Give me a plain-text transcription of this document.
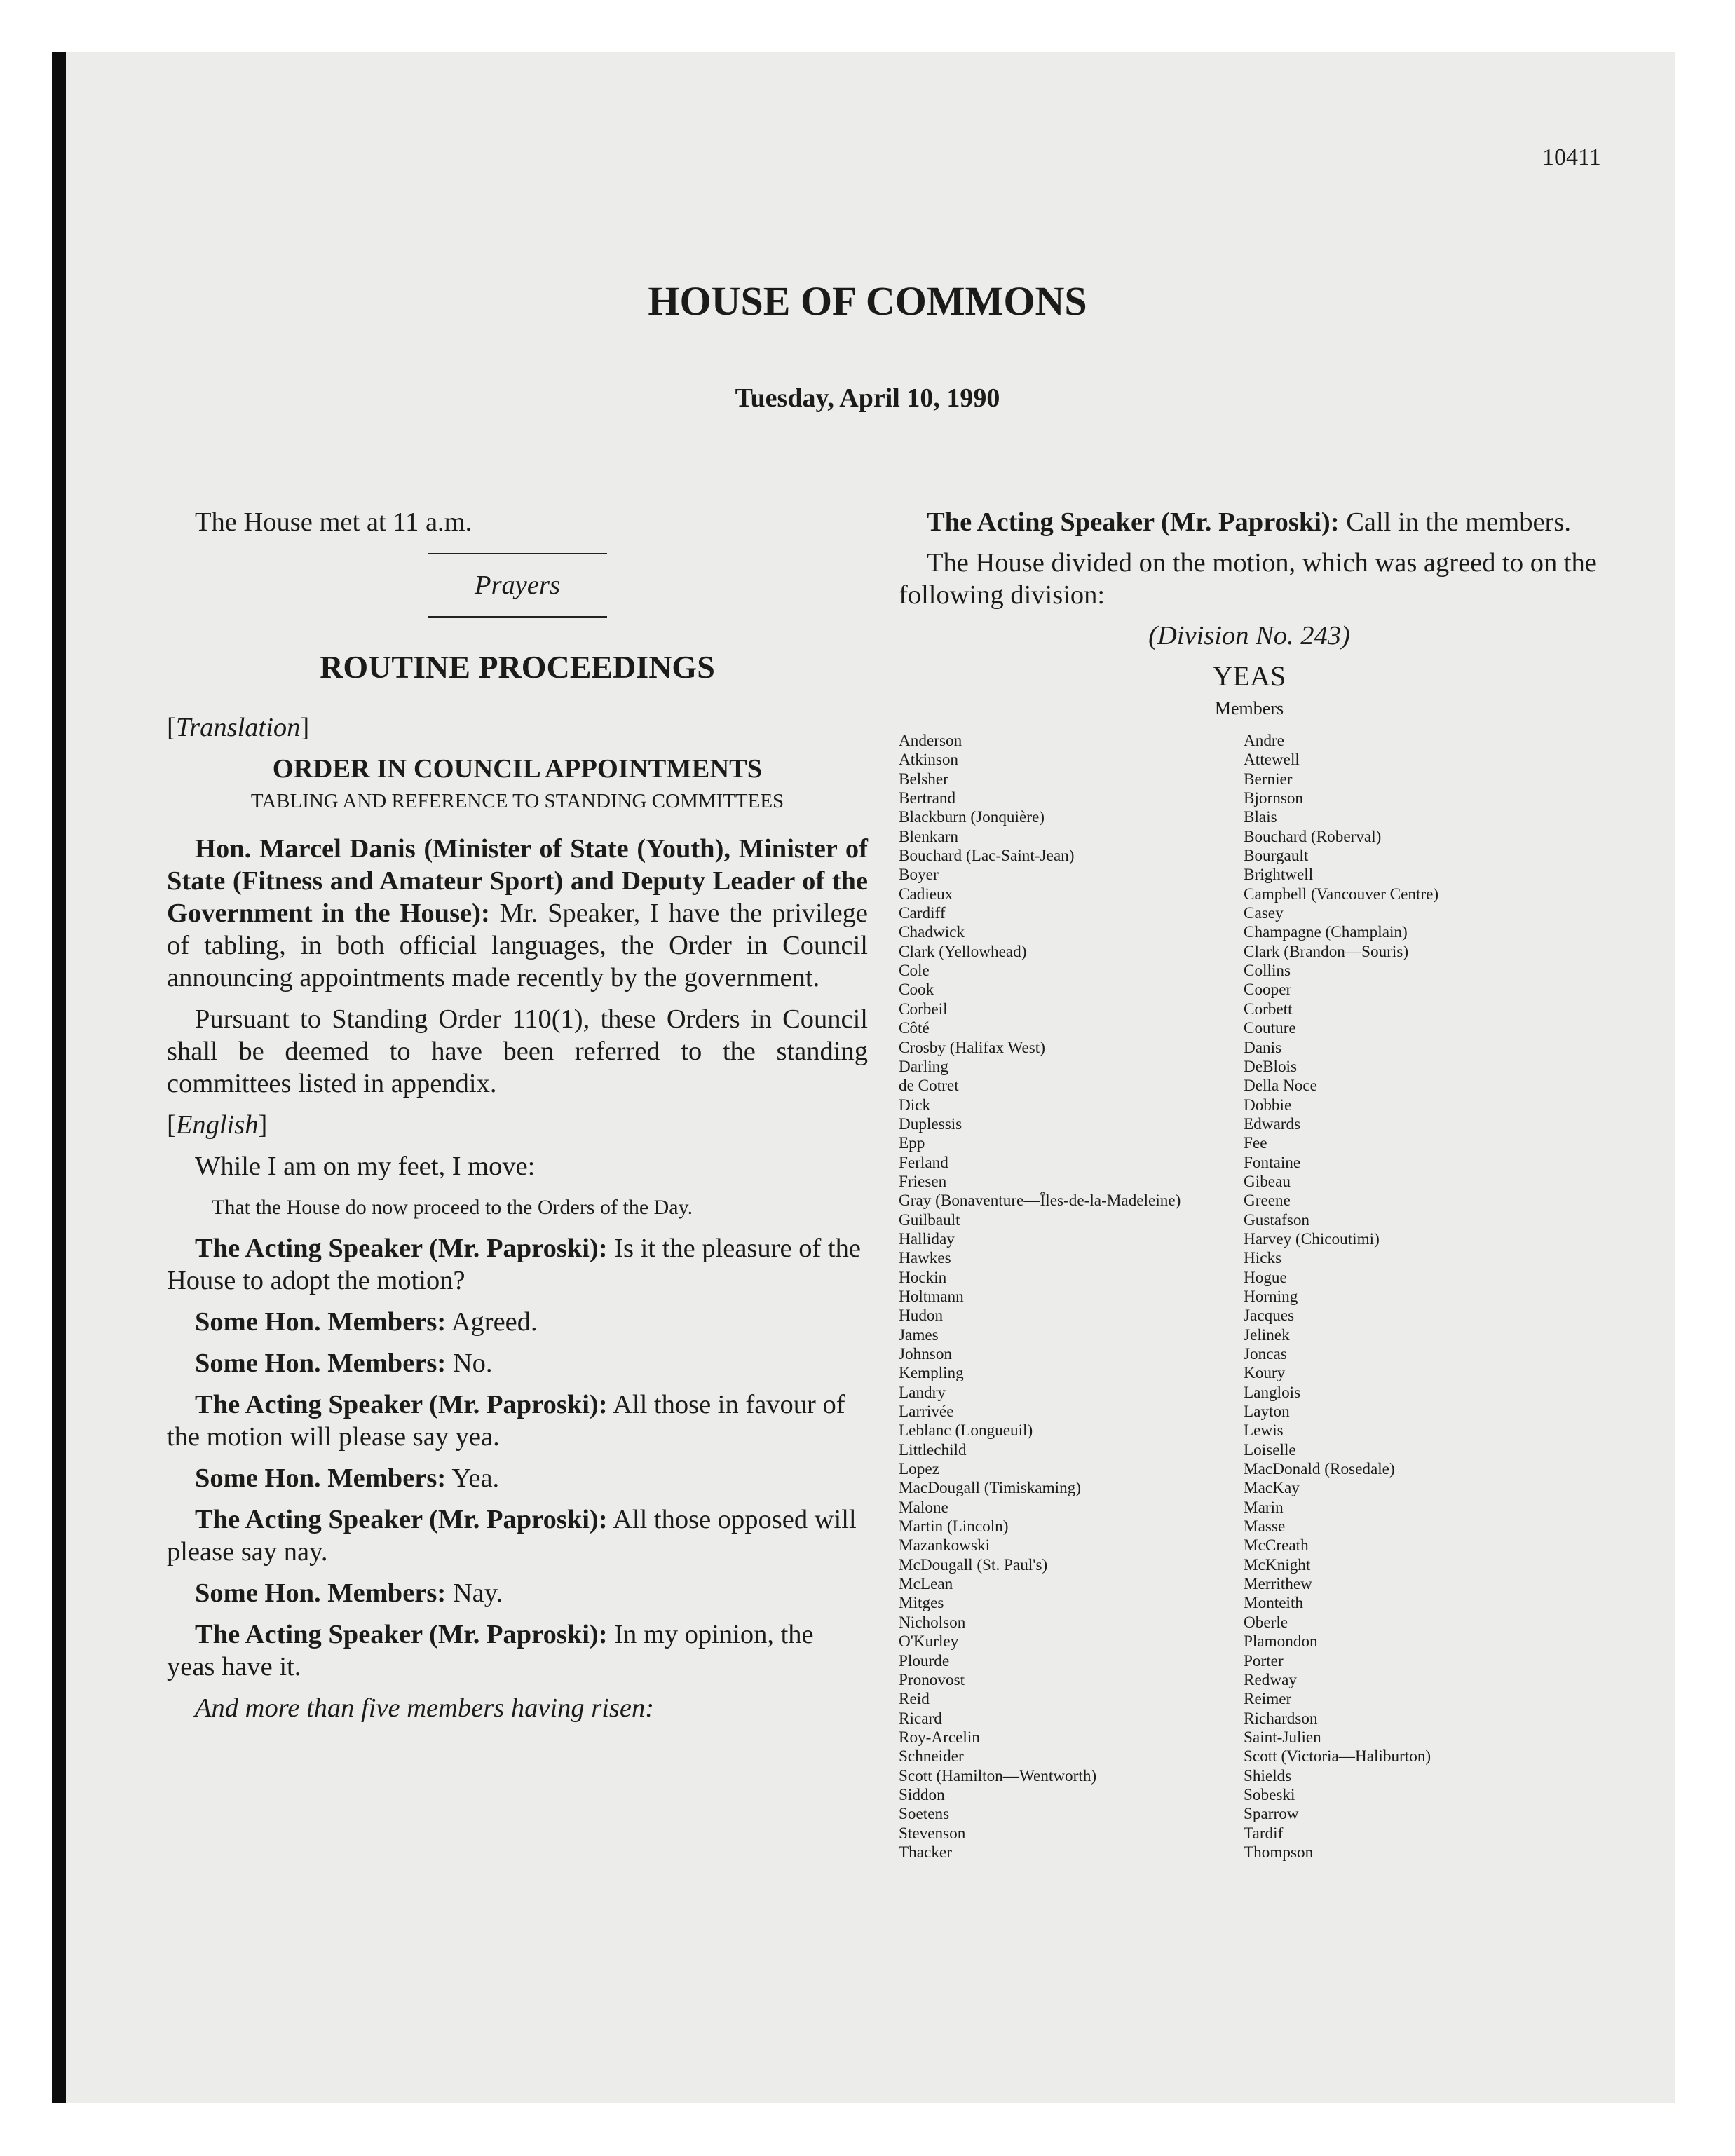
10411
HOUSE OF COMMONS
Tuesday, April 10, 1990

The House met at 11 a.m.

Prayers
ROUTINE PROCEEDINGS

[Translation]

ORDER IN COUNCIL APPOINTMENTS
TABLING AND REFERENCE TO STANDING COMMITTEES

Hon. Marcel Danis (Minister of State (Youth), Minister of State (Fitness and Amateur Sport) and Deputy Leader of the Government in the House): Mr. Speaker, I have the privilege of tabling, in both official languages, the Order in Council announcing appointments made recently by the government.

Pursuant to Standing Order 110(1), these Orders in Council shall be deemed to have been referred to the standing committees listed in appendix.

[English]

While I am on my feet, I move:

That the House do now proceed to the Orders of the Day.

The Acting Speaker (Mr. Paproski): Is it the pleasure of the House to adopt the motion?

Some Hon. Members: Agreed.

Some Hon. Members: No.

The Acting Speaker (Mr. Paproski): All those in favour of the motion will please say yea.

Some Hon. Members: Yea.

The Acting Speaker (Mr. Paproski): All those opposed will please say nay.

Some Hon. Members: Nay.

The Acting Speaker (Mr. Paproski): In my opinion, the yeas have it.

And more than five members having risen:

The Acting Speaker (Mr. Paproski): Call in the members.

The House divided on the motion, which was agreed to on the following division:

(Division No. 243)
YEAS
Members
Anderson
Atkinson
Belsher
Bertrand
Blackburn (Jonquière)
Blenkarn
Bouchard (Lac-Saint-Jean)
Boyer
Cadieux
Cardiff
Chadwick
Clark (Yellowhead)
Cole
Cook
Corbeil
Côté
Crosby (Halifax West)
Darling
de Cotret
Dick
Duplessis
Epp
Ferland
Friesen
Gray (Bonaventure—Îles-de-la-Madeleine)
Guilbault
Halliday
Hawkes
Hockin
Holtmann
Hudon
James
Johnson
Kempling
Landry
Larrivée
Leblanc (Longueuil)
Littlechild
Lopez
MacDougall (Timiskaming)
Malone
Martin (Lincoln)
Mazankowski
McDougall (St. Paul's)
McLean
Mitges
Nicholson
O'Kurley
Plourde
Pronovost
Reid
Ricard
Roy-Arcelin
Schneider
Scott (Hamilton—Wentworth)
Siddon
Soetens
Stevenson
Thacker
Andre
Attewell
Bernier
Bjornson
Blais
Bouchard (Roberval)
Bourgault
Brightwell
Campbell (Vancouver Centre)
Casey
Champagne (Champlain)
Clark (Brandon—Souris)
Collins
Cooper
Corbett
Couture
Danis
DeBlois
Della Noce
Dobbie
Edwards
Fee
Fontaine
Gibeau
Greene
Gustafson
Harvey (Chicoutimi)
Hicks
Hogue
Horning
Jacques
Jelinek
Joncas
Koury
Langlois
Layton
Lewis
Loiselle
MacDonald (Rosedale)
MacKay
Marin
Masse
McCreath
McKnight
Merrithew
Monteith
Oberle
Plamondon
Porter
Redway
Reimer
Richardson
Saint-Julien
Scott (Victoria—Haliburton)
Shields
Sobeski
Sparrow
Tardif
Thompson
